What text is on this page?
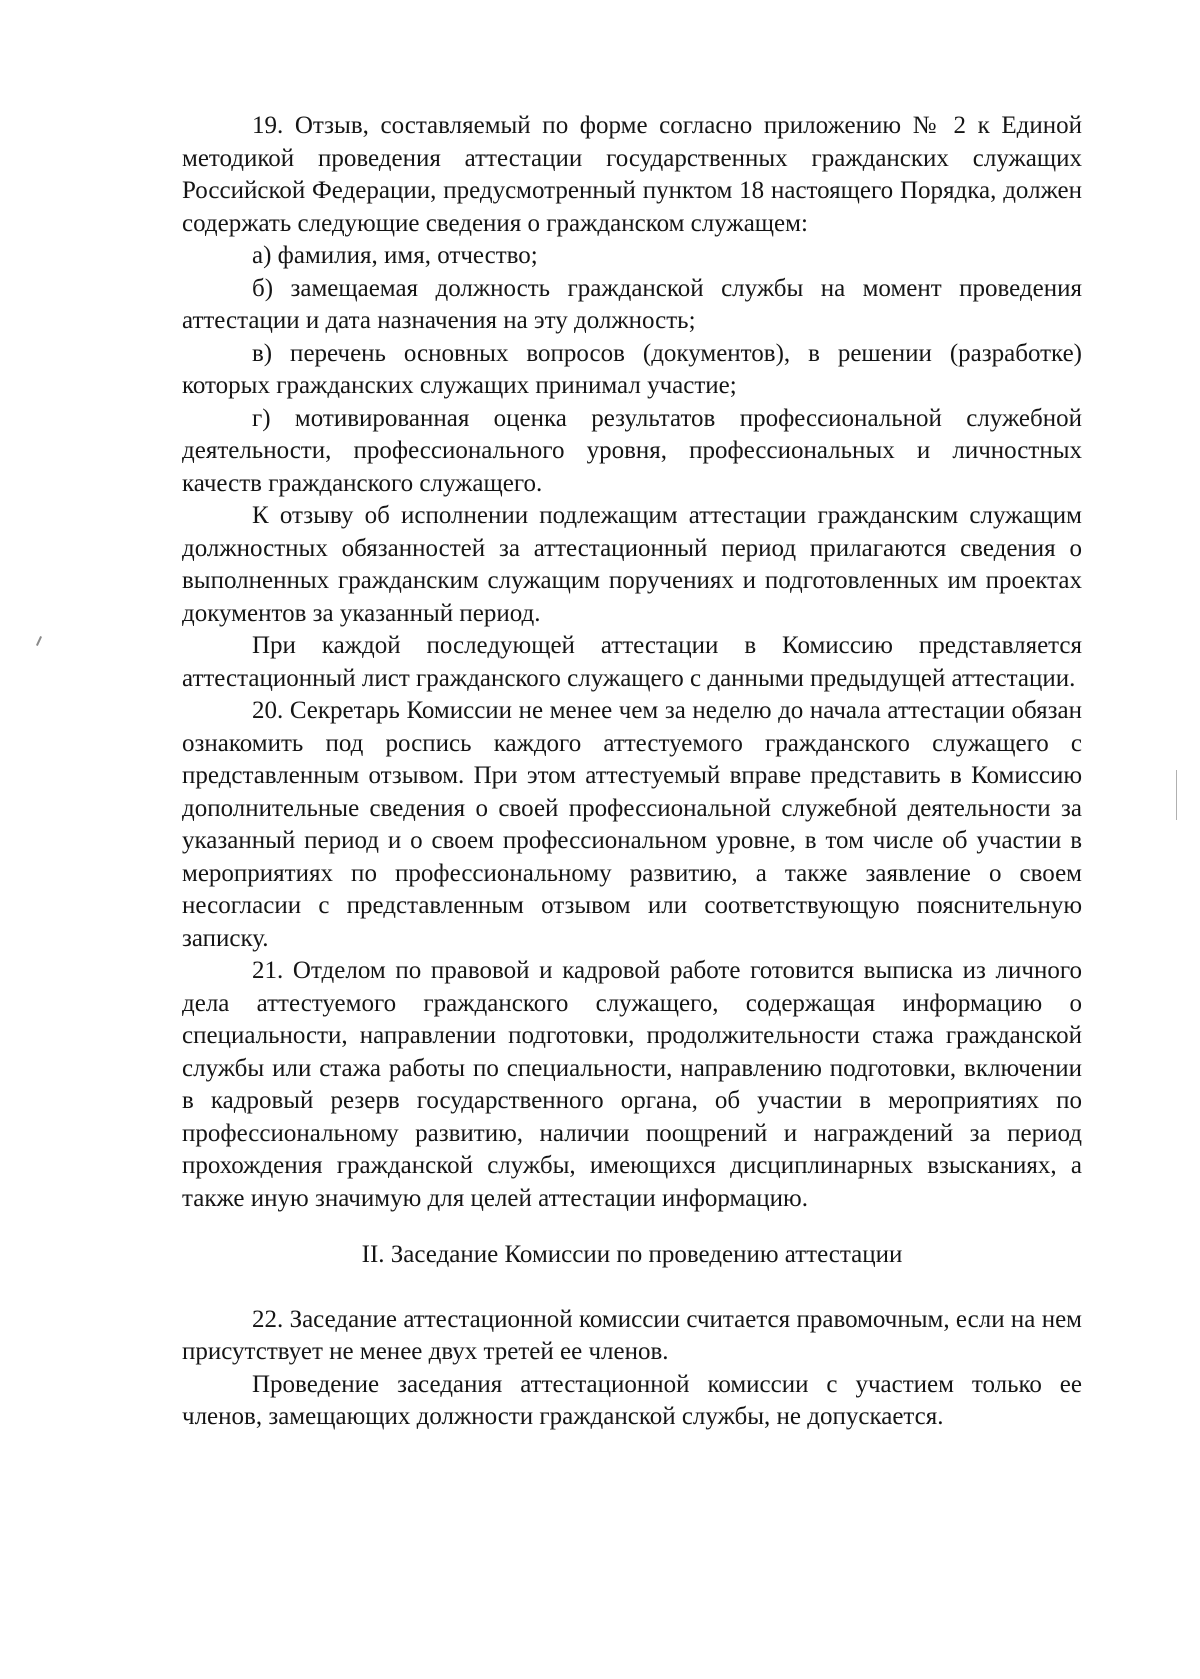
19. Отзыв, составляемый по форме согласно приложению № 2 к Единой методикой проведения аттестации государственных гражданских служащих Российской Федерации, предусмотренный пунктом 18 настоящего Порядка, должен содержать следующие сведения о гражданском служащем:

а) фамилия, имя, отчество;

б) замещаемая должность гражданской службы на момент проведения аттестации и дата назначения на эту должность;

в) перечень основных вопросов (документов), в решении (разработке) которых гражданских служащих принимал участие;

г) мотивированная оценка результатов профессиональной служебной деятельности, профессионального уровня, профессиональных и личностных качеств гражданского служащего.

К отзыву об исполнении подлежащим аттестации гражданским служащим должностных обязанностей за аттестационный период прилагаются сведения о выполненных гражданским служащим поручениях и подготовленных им проектах документов за указанный период.

При каждой последующей аттестации в Комиссию представляется аттестационный лист гражданского служащего с данными предыдущей аттестации.

20. Секретарь Комиссии не менее чем за неделю до начала аттестации обязан ознакомить под роспись каждого аттестуемого гражданского служащего с представленным отзывом. При этом аттестуемый вправе представить в Комиссию дополнительные сведения о своей профессиональной служебной деятельности за указанный период и о своем профессиональном уровне, в том числе об участии в мероприятиях по профессиональному развитию, а также заявление о своем несогласии с представленным отзывом или соответствующую пояснительную записку.

21. Отделом по правовой и кадровой работе готовится выписка из личного дела аттестуемого гражданского служащего, содержащая информацию о специальности, направлении подготовки, продолжительности стажа гражданской службы или стажа работы по специальности, направлению подготовки, включении в кадровый резерв государственного органа, об участии в мероприятиях по профессиональному развитию, наличии поощрений и награждений за период прохождения гражданской службы, имеющихся дисциплинарных взысканиях, а также иную значимую для целей аттестации информацию.

II. Заседание Комиссии по проведению аттестации

22. Заседание аттестационной комиссии считается правомочным, если на нем присутствует не менее двух третей ее членов.

Проведение заседания аттестационной комиссии с участием только ее членов, замещающих должности гражданской службы, не допускается.
